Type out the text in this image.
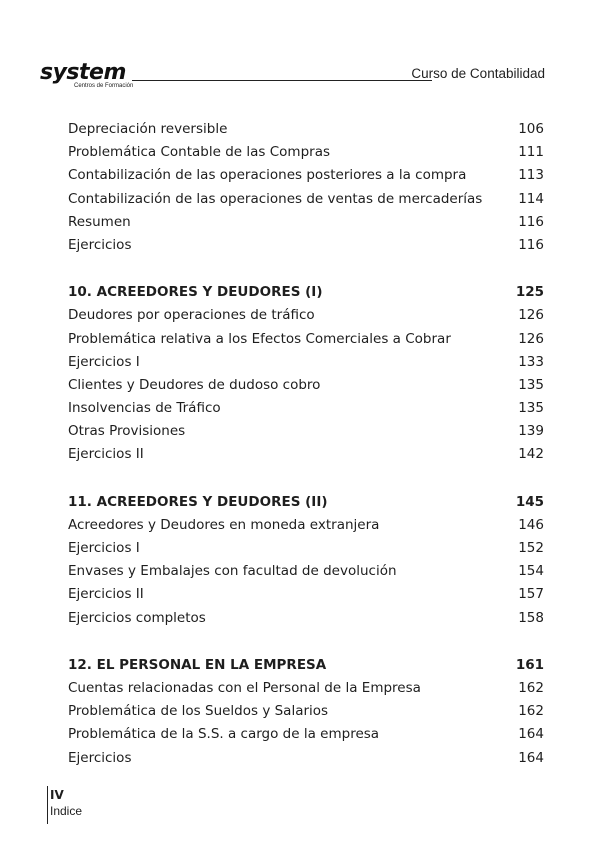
system
Centros de Formación
Curso de Contabilidad
Depreciación reversible	106
Problemática Contable de las Compras	111
Contabilización de las operaciones posteriores a la compra	113
Contabilización de las operaciones de ventas de mercaderías	114
Resumen	116
Ejercicios	116
10. ACREEDORES Y DEUDORES (I)	125
Deudores por operaciones de tráfico	126
Problemática relativa a los Efectos Comerciales a Cobrar	126
Ejercicios I	133
Clientes y Deudores de dudoso cobro	135
Insolvencias de Tráfico	135
Otras Provisiones	139
Ejercicios II	142
11. ACREEDORES Y DEUDORES (II)	145
Acreedores y Deudores en moneda extranjera	146
Ejercicios I	152
Envases y Embalajes con facultad de devolución	154
Ejercicios II	157
Ejercicios completos	158
12. EL PERSONAL EN LA EMPRESA	161
Cuentas relacionadas con el Personal de la Empresa	162
Problemática de los Sueldos y Salarios	162
Problemática de la S.S. a cargo de la empresa	164
Ejercicios	164
IV
Indice
